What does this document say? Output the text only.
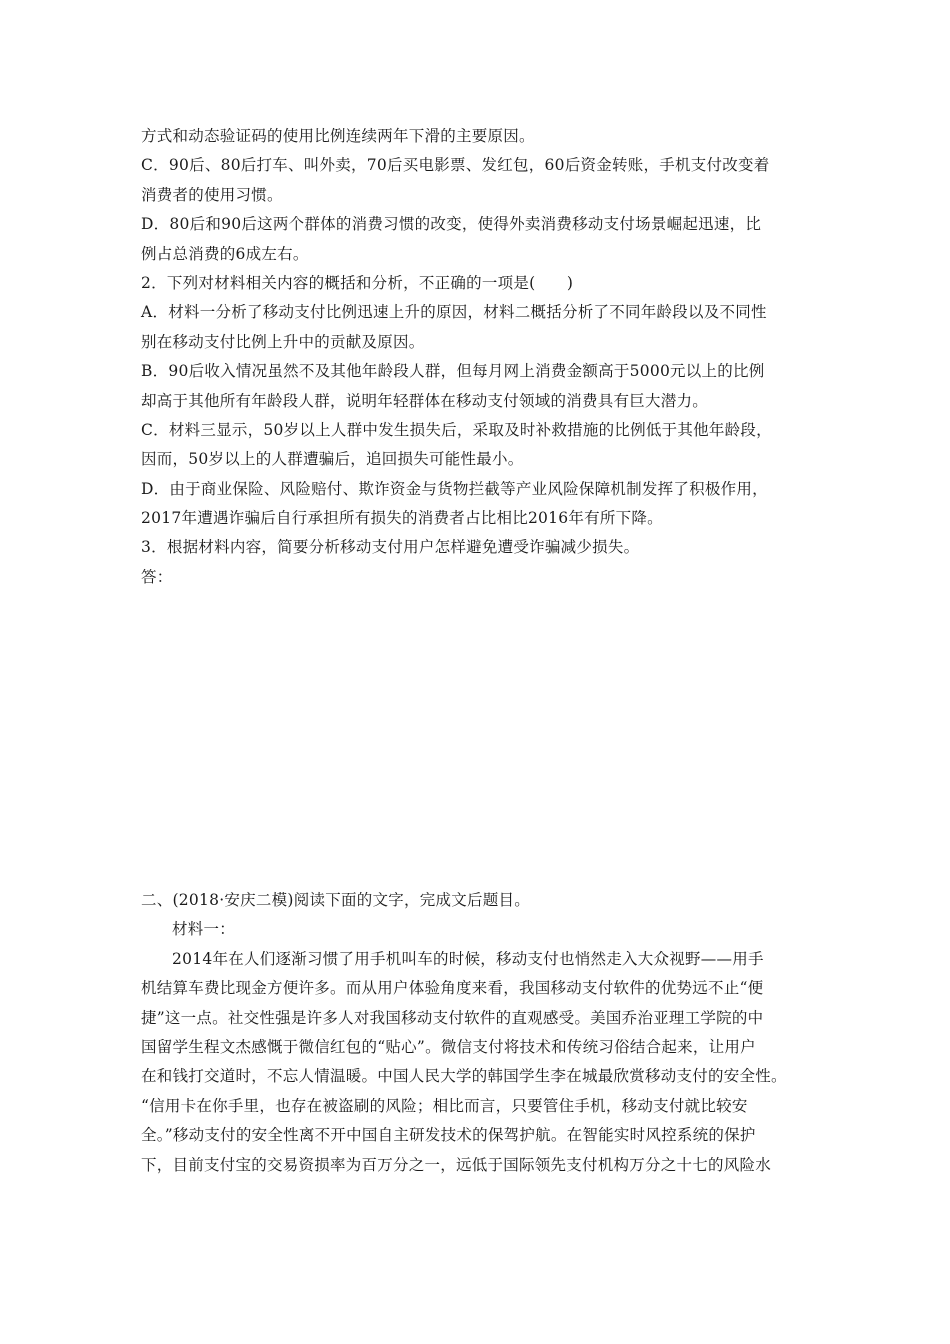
方式和动态验证码的使用比例连续两年下滑的主要原因。
C．90后、80后打车、叫外卖，70后买电影票、发红包，60后资金转账，手机支付改变着
消费者的使用习惯。
D．80后和90后这两个群体的消费习惯的改变，使得外卖消费移动支付场景崛起迅速，比
例占总消费的6成左右。
2．下列对材料相关内容的概括和分析，不正确的一项是(　　)
A．材料一分析了移动支付比例迅速上升的原因，材料二概括分析了不同年龄段以及不同性
别在移动支付比例上升中的贡献及原因。
B．90后收入情况虽然不及其他年龄段人群，但每月网上消费金额高于5000元以上的比例
却高于其他所有年龄段人群，说明年轻群体在移动支付领域的消费具有巨大潜力。
C．材料三显示，50岁以上人群中发生损失后，采取及时补救措施的比例低于其他年龄段，
因而，50岁以上的人群遭骗后，追回损失可能性最小。
D．由于商业保险、风险赔付、欺诈资金与货物拦截等产业风险保障机制发挥了积极作用，
2017年遭遇诈骗后自行承担所有损失的消费者占比相比2016年有所下降。
3．根据材料内容，简要分析移动支付用户怎样避免遭受诈骗减少损失。
答：
二、(2018·安庆二模)阅读下面的文字，完成文后题目。
材料一：
2014年在人们逐渐习惯了用手机叫车的时候，移动支付也悄然走入大众视野——用手
机结算车费比现金方便许多。而从用户体验角度来看，我国移动支付软件的优势远不止“便
捷”这一点。社交性强是许多人对我国移动支付软件的直观感受。美国乔治亚理工学院的中
国留学生程文杰感慨于微信红包的“贴心”。微信支付将技术和传统习俗结合起来，让用户
在和钱打交道时，不忘人情温暖。中国人民大学的韩国学生李在城最欣赏移动支付的安全性。
“信用卡在你手里，也存在被盗刷的风险；相比而言，只要管住手机，移动支付就比较安
全。”移动支付的安全性离不开中国自主研发技术的保驾护航。在智能实时风控系统的保护
下，目前支付宝的交易资损率为百万分之一，远低于国际领先支付机构万分之十七的风险水
